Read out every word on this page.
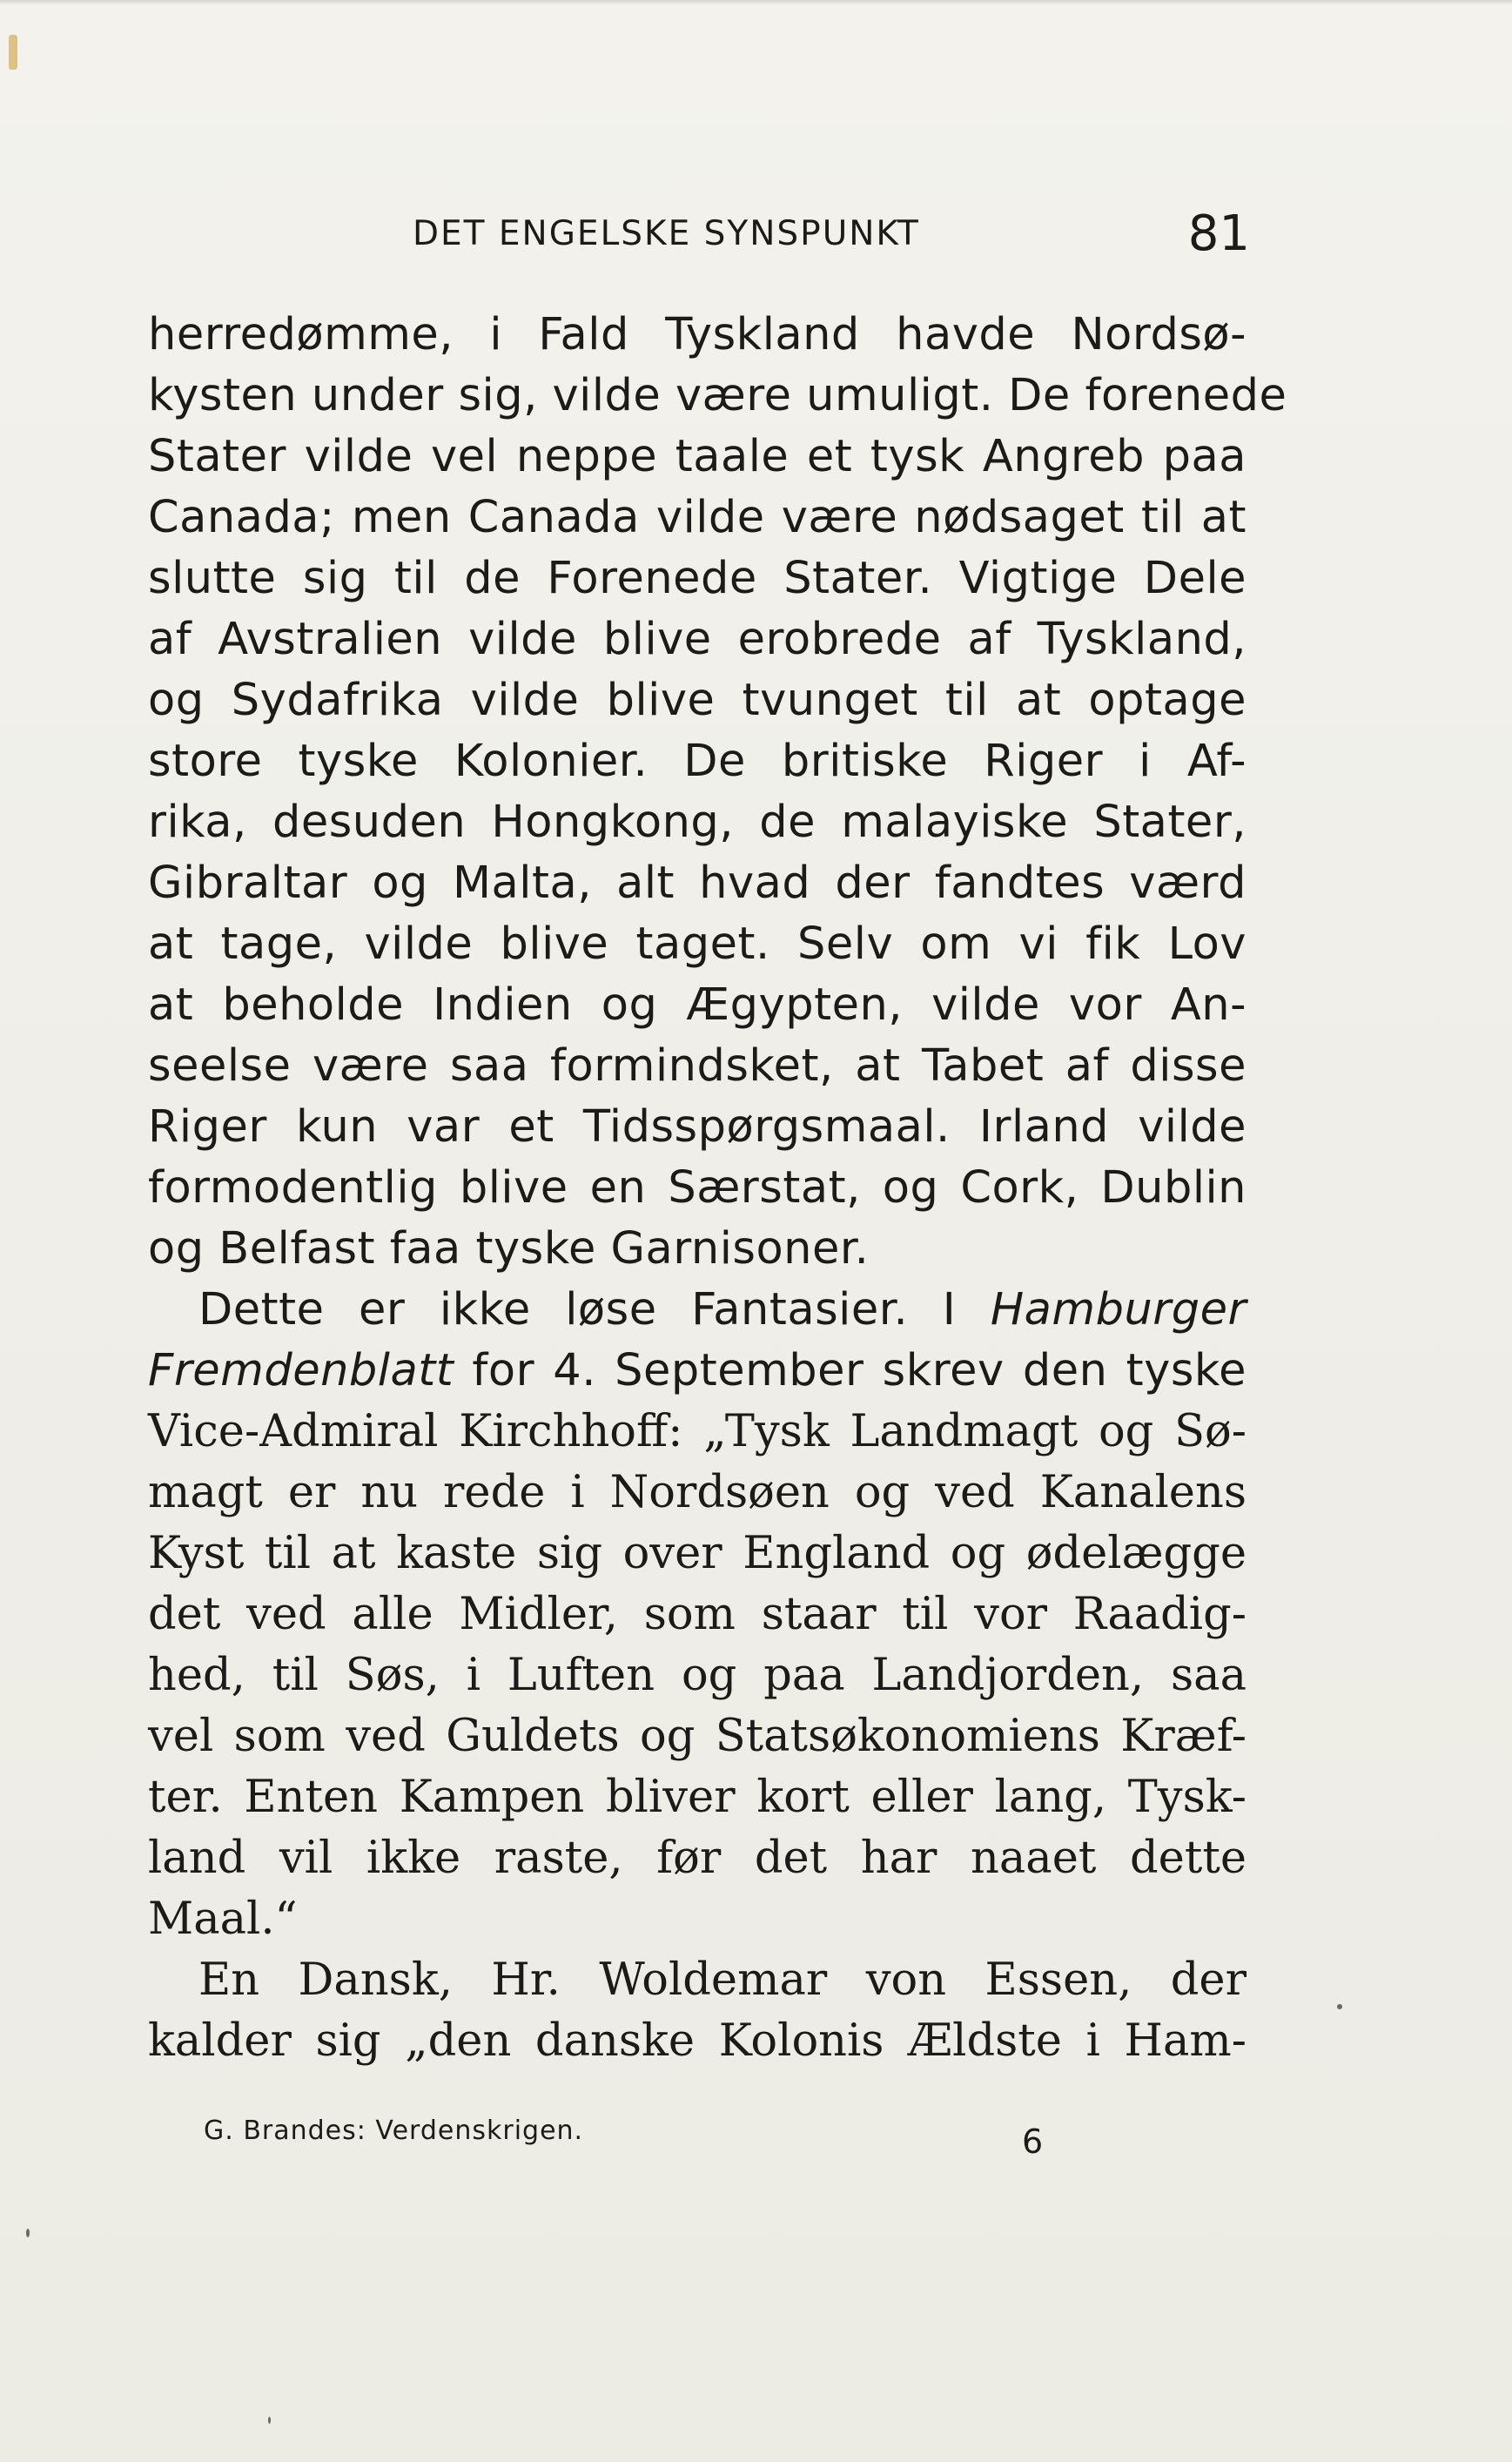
DET ENGELSKE SYNSPUNKT	81
herredømme, i Fald Tyskland havde Nordsø-
kysten under sig, vilde være umuligt. De forenede
Stater vilde vel neppe taale et tysk Angreb paa
Canada; men Canada vilde være nødsaget til at
slutte sig til de Forenede Stater. Vigtige Dele
af Avstralien vilde blive erobrede af Tyskland,
og Sydafrika vilde blive tvunget til at optage
store tyske Kolonier. De britiske Riger i Af-
rika, desuden Hongkong, de malayiske Stater,
Gibraltar og Malta, alt hvad der fandtes værd
at tage, vilde blive taget. Selv om vi fik Lov
at beholde Indien og Ægypten, vilde vor An-
seelse være saa formindsket, at Tabet af disse
Riger kun var et Tidsspørgsmaal. Irland vilde
formodentlig blive en Særstat, og Cork, Dublin
og Belfast faa tyske Garnisoner.
Dette er ikke løse Fantasier. I Hamburger
Fremdenblatt for 4. September skrev den tyske
Vice-Admiral Kirchhoff: „Tysk Landmagt og Sø-
magt er nu rede i Nordsøen og ved Kanalens
Kyst til at kaste sig over England og ødelægge
det ved alle Midler, som staar til vor Raadig-
hed, til Søs, i Luften og paa Landjorden, saa
vel som ved Guldets og Statsøkonomiens Kræf-
ter. Enten Kampen bliver kort eller lang, Tysk-
land vil ikke raste, før det har naaet dette
Maal.“
En Dansk, Hr. Woldemar von Essen, der
kalder sig „den danske Kolonis Ældste i Ham-
G. Brandes: Verdenskrigen.	6
